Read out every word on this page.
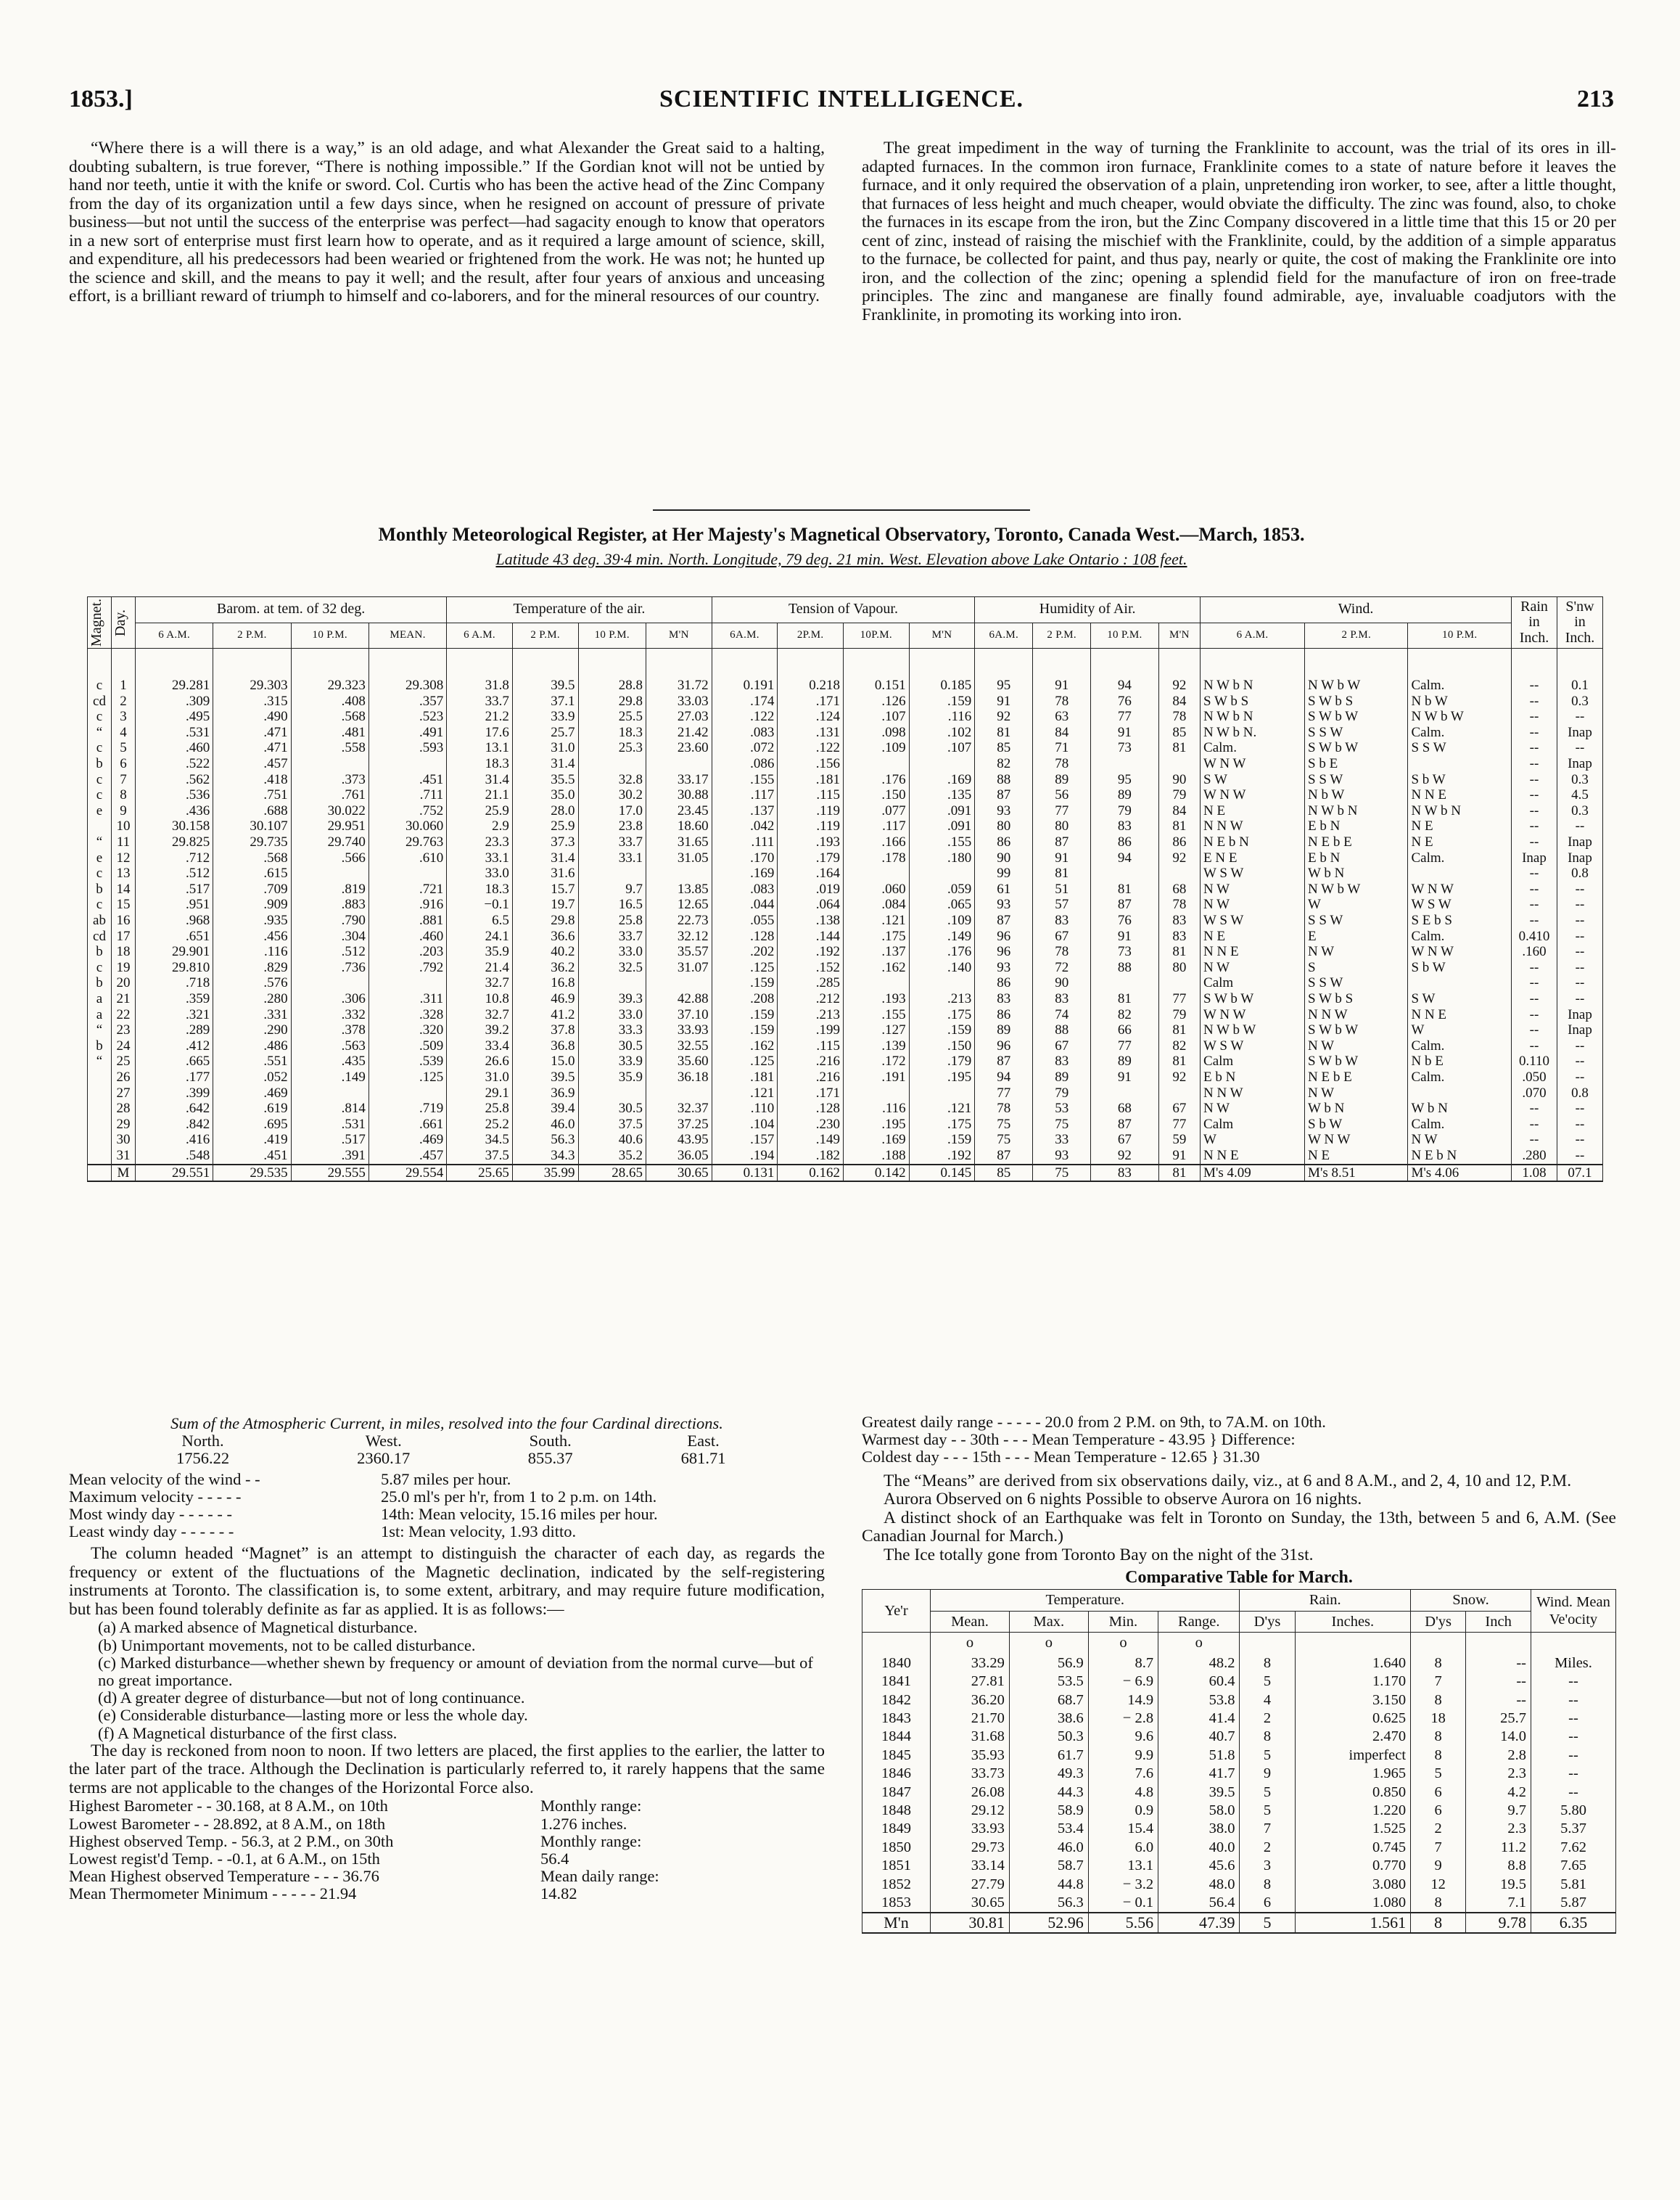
1853.]	SCIENTIFIC INTELLIGENCE.	213
“Where there is a will there is a way,” is an old adage, and what Alexander the Great said to a halting, doubting subaltern, is true forever, “There is nothing impossible.” If the Gordian knot will not be untied by hand nor teeth, untie it with the knife or sword. Col. Curtis who has been the active head of the Zinc Company from the day of its organization until a few days since, when he resigned on account of pressure of private business—but not until the success of the enterprise was perfect—had sagacity enough to know that operators in a new sort of enterprise must first learn how to operate, and as it required a large amount of science, skill, and expenditure, all his predecessors had been wearied or frightened from the work. He was not; he hunted up the science and skill, and the means to pay it well; and the result, after four years of anxious and unceasing effort, is a brilliant reward of triumph to himself and co-laborers, and for the mineral resources of our country.
The great impediment in the way of turning the Franklinite to account, was the trial of its ores in ill-adapted furnaces. In the common iron furnace, Franklinite comes to a state of nature before it leaves the furnace, and it only required the observation of a plain, unpretending iron worker, to see, after a little thought, that furnaces of less height and much cheaper, would obviate the difficulty. The zinc was found, also, to choke the furnaces in its escape from the iron, but the Zinc Company discovered in a little time that this 15 or 20 per cent of zinc, instead of raising the mischief with the Franklinite, could, by the addition of a simple apparatus to the furnace, be collected for paint, and thus pay, nearly or quite, the cost of making the Franklinite ore into iron, and the collection of the zinc; opening a splendid field for the manufacture of iron on free-trade principles. The zinc and manganese are finally found admirable, aye, invaluable coadjutors with the Franklinite, in promoting its working into iron.
Monthly Meteorological Register, at Her Majesty's Magnetical Observatory, Toronto, Canada West.—March, 1853.
Latitude 43 deg. 39·4 min. North. Longitude, 79 deg. 21 min. West. Elevation above Lake Ontario : 108 feet.
Magnet.	Day.	Barom. at tem. of 32 deg.				Temperature of the air.				Tension of Vapour.				Humidity of Air.				Wind.			Rain in Inch.	S'nw in Inch.
		6 A.M.	2 P.M.	10 P.M.	MEAN.	6 A.M.	2 P.M.	10 P.M.	M'N	6A.M.	2P.M.	10P.M.	M'N	6A.M.	2 P.M.	10 P.M.	M'N	6 A.M.	2 P.M.	10 P.M.		

c	1	29.281	29.303	29.323	29.308	31.8	39.5	28.8	31.72	0.191	0.218	0.151	0.185	95	91	94	92	N W b N	N W b W	Calm.	--	0.1
cd	2	.309	.315	.408	.357	33.7	37.1	29.8	33.03	.174	.171	.126	.159	91	78	76	84	S W b S	S W b S	N b W	--	0.3
c	3	.495	.490	.568	.523	21.2	33.9	25.5	27.03	.122	.124	.107	.116	92	63	77	78	N W b N	S W b W	N W b W	--	--
“	4	.531	.471	.481	.491	17.6	25.7	18.3	21.42	.083	.131	.098	.102	81	84	91	85	N W b N.	S S W	Calm.	--	Inap
c	5	.460	.471	.558	.593	13.1	31.0	25.3	23.60	.072	.122	.109	.107	85	71	73	81	Calm.	S W b W	S S W	--	--
b	6	.522	.457			18.3	31.4			.086	.156			82	78			W N W	S b E		--	Inap
c	7	.562	.418	.373	.451	31.4	35.5	32.8	33.17	.155	.181	.176	.169	88	89	95	90	S W	S S W	S b W	--	0.3
c	8	.536	.751	.761	.711	21.1	35.0	30.2	30.88	.117	.115	.150	.135	87	56	89	79	W N W	N b W	N N E	--	4.5
e	9	.436	.688	30.022	.752	25.9	28.0	17.0	23.45	.137	.119	.077	.091	93	77	79	84	N E	N W b N	N W b N	--	0.3
	10	30.158	30.107	29.951	30.060	2.9	25.9	23.8	18.60	.042	.119	.117	.091	80	80	83	81	N N W	E b N	N E	--	--
“	11	29.825	29.735	29.740	29.763	23.3	37.3	33.7	31.65	.111	.193	.166	.155	86	87	86	86	N E b N	N E b E	N E	--	Inap
e	12	.712	.568	.566	.610	33.1	31.4	33.1	31.05	.170	.179	.178	.180	90	91	94	92	E N E	E b N	Calm.	Inap	Inap
c	13	.512	.615			33.0	31.6			.169	.164			99	81			W S W	W b N		--	0.8
b	14	.517	.709	.819	.721	18.3	15.7	9.7	13.85	.083	.019	.060	.059	61	51	81	68	N W	N W b W	W N W	--	--
c	15	.951	.909	.883	.916	−0.1	19.7	16.5	12.65	.044	.064	.084	.065	93	57	87	78	N W	W	W S W	--	--
ab	16	.968	.935	.790	.881	6.5	29.8	25.8	22.73	.055	.138	.121	.109	87	83	76	83	W S W	S S W	S E b S	--	--
cd	17	.651	.456	.304	.460	24.1	36.6	33.7	32.12	.128	.144	.175	.149	96	67	91	83	N E	E	Calm.	0.410	--
b	18	29.901	.116	.512	.203	35.9	40.2	33.0	35.57	.202	.192	.137	.176	96	78	73	81	N N E	N W	W N W	.160	--
c	19	29.810	.829	.736	.792	21.4	36.2	32.5	31.07	.125	.152	.162	.140	93	72	88	80	N W	S	S b W	--	--
b	20	.718	.576			32.7	16.8			.159	.285			86	90			Calm	S S W		--	--
a	21	.359	.280	.306	.311	10.8	46.9	39.3	42.88	.208	.212	.193	.213	83	83	81	77	S W b W	S W b S	S W	--	--
a	22	.321	.331	.332	.328	32.7	41.2	33.0	37.10	.159	.213	.155	.175	86	74	82	79	W N W	N N W	N N E	--	Inap
“	23	.289	.290	.378	.320	39.2	37.8	33.3	33.93	.159	.199	.127	.159	89	88	66	81	N W b W	S W b W	W	--	Inap
b	24	.412	.486	.563	.509	33.4	36.8	30.5	32.55	.162	.115	.139	.150	96	67	77	82	W S W	N W	Calm.	--	--
“	25	.665	.551	.435	.539	26.6	15.0	33.9	35.60	.125	.216	.172	.179	87	83	89	81	Calm	S W b W	N b E	0.110	--
	26	.177	.052	.149	.125	31.0	39.5	35.9	36.18	.181	.216	.191	.195	94	89	91	92	E b N	N E b E	Calm.	.050	--
	27	.399	.469			29.1	36.9			.121	.171			77	79			N N W	N W		.070	0.8
	28	.642	.619	.814	.719	25.8	39.4	30.5	32.37	.110	.128	.116	.121	78	53	68	67	N W	W b N	W b N	--	--
	29	.842	.695	.531	.661	25.2	46.0	37.5	37.25	.104	.230	.195	.175	75	75	87	77	Calm	S b W	Calm.	--	--
	30	.416	.419	.517	.469	34.5	56.3	40.6	43.95	.157	.149	.169	.159	75	33	67	59	W	W N W	N W	--	--
	31	.548	.451	.391	.457	37.5	34.3	35.2	36.05	.194	.182	.188	.192	87	93	92	91	N N E	N E	N E b N	.280	--
	M	29.551	29.535	29.555	29.554	25.65	35.99	28.65	30.65	0.131	0.162	0.142	0.145	85	75	83	81	M's 4.09	M's 8.51	M's 4.06	1.08	07.1
Sum of the Atmospheric Current, in miles, resolved into the four Cardinal directions.
North.	West.	South.	East.
1756.22	2360.17	855.37	681.71
Mean velocity of the wind - -	5.87 miles per hour.
Maximum velocity - - - - -	25.0 ml's per h'r, from 1 to 2 p.m. on 14th.
Most windy day - - - - - -	14th: Mean velocity, 15.16 miles per hour.
Least windy day - - - - - -	1st: Mean velocity, 1.93 ditto.
The column headed “Magnet” is an attempt to distinguish the character of each day, as regards the frequency or extent of the fluctuations of the Magnetic declination, indicated by the self-registering instruments at Toronto. The classification is, to some extent, arbitrary, and may require future modification, but has been found tolerably definite as far as applied. It is as follows:—
(a) A marked absence of Magnetical disturbance.
(b) Unimportant movements, not to be called disturbance.
(c) Marked disturbance—whether shewn by frequency or amount of deviation from the normal curve—but of no great importance.
(d) A greater degree of disturbance—but not of long continuance.
(e) Considerable disturbance—lasting more or less the whole day.
(f) A Magnetical disturbance of the first class.
The day is reckoned from noon to noon. If two letters are placed, the first applies to the earlier, the latter to the later part of the trace. Although the Declination is particularly referred to, it rarely happens that the same terms are not applicable to the changes of the Horizontal Force also.
Highest Barometer - - 30.168, at 8 A.M., on 10th	Monthly range:
Lowest Barometer - - 28.892, at 8 A.M., on 18th	1.276 inches.
Highest observed Temp. - 56.3, at 2 P.M., on 30th	Monthly range:
Lowest regist'd Temp. - -0.1, at 6 A.M., on 15th	56.4
Mean Highest observed Temperature - - - 36.76	Mean daily range:
Mean Thermometer Minimum - - - - - 21.94	14.82
Greatest daily range - - - - - 20.0 from 2 P.M. on 9th, to 7A.M. on 10th.
Warmest day - - 30th - - - Mean Temperature - 43.95 } Difference:
Coldest day - - - 15th - - - Mean Temperature - 12.65 } 31.30
The “Means” are derived from six observations daily, viz., at 6 and 8 A.M., and 2, 4, 10 and 12, P.M.
Aurora Observed on 6 nights Possible to observe Aurora on 16 nights.
A distinct shock of an Earthquake was felt in Toronto on Sunday, the 13th, between 5 and 6, A.M. (See Canadian Journal for March.)
The Ice totally gone from Toronto Bay on the night of the 31st.
Comparative Table for March.
Ye'r	Temperature.				Rain.		Snow.		Wind. Mean Ve'ocity
	Mean.	Max.	Min.	Range.	D'ys	Inches.	D'ys	Inch	
	o	o	o	o					
1840	33.29	56.9	8.7	48.2	8	1.640	8	--	Miles.
1841	27.81	53.5	− 6.9	60.4	5	1.170	7	--	--
1842	36.20	68.7	14.9	53.8	4	3.150	8	--	--
1843	21.70	38.6	− 2.8	41.4	2	0.625	18	25.7	--
1844	31.68	50.3	9.6	40.7	8	2.470	8	14.0	--
1845	35.93	61.7	9.9	51.8	5	imperfect	8	2.8	--
1846	33.73	49.3	7.6	41.7	9	1.965	5	2.3	--
1847	26.08	44.3	4.8	39.5	5	0.850	6	4.2	--
1848	29.12	58.9	0.9	58.0	5	1.220	6	9.7	5.80
1849	33.93	53.4	15.4	38.0	7	1.525	2	2.3	5.37
1850	29.73	46.0	6.0	40.0	2	0.745	7	11.2	7.62
1851	33.14	58.7	13.1	45.6	3	0.770	9	8.8	7.65
1852	27.79	44.8	− 3.2	48.0	8	3.080	12	19.5	5.81
1853	30.65	56.3	− 0.1	56.4	6	1.080	8	7.1	5.87
M'n	30.81	52.96	5.56	47.39	5	1.561	8	9.78	6.35
